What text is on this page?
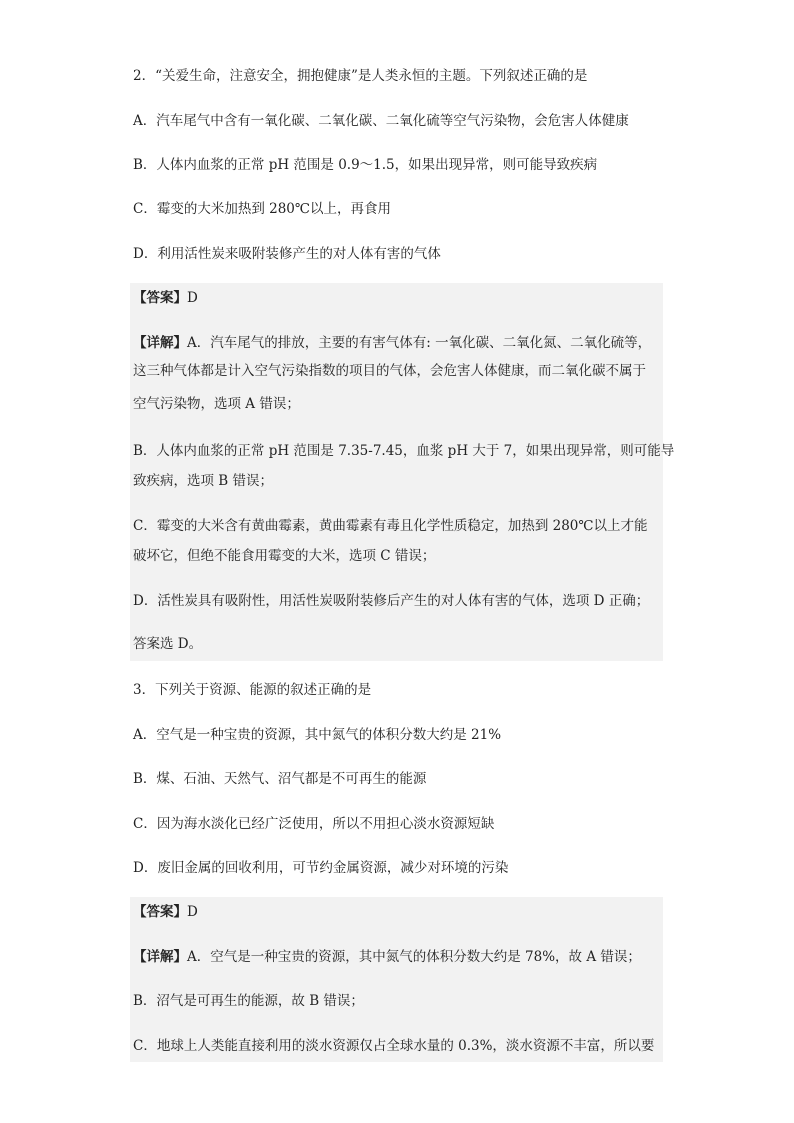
2．“关爱生命，注意安全，拥抱健康”是人类永恒的主题。下列叙述正确的是
A．汽车尾气中含有一氧化碳、二氧化碳、二氧化硫等空气污染物，会危害人体健康
B．人体内血浆的正常 pH 范围是 0.9～1.5，如果出现异常，则可能导致疾病
C．霉变的大米加热到 280℃以上，再食用
D．利用活性炭来吸附装修产生的对人体有害的气体
【答案】D
【详解】A．汽车尾气的排放，主要的有害气体有: 一氧化碳、二氧化氮、二氧化硫等，
这三种气体都是计入空气污染指数的项目的气体，会危害人体健康，而二氧化碳不属于
空气污染物，选项 A 错误；
B．人体内血浆的正常 pH 范围是 7.35-7.45，血浆 pH 大于 7，如果出现异常，则可能导
致疾病，选项 B 错误；
C．霉变的大米含有黄曲霉素，黄曲霉素有毒且化学性质稳定，加热到 280℃以上才能
破坏它，但绝不能食用霉变的大米，选项 C 错误；
D．活性炭具有吸附性，用活性炭吸附装修后产生的对人体有害的气体，选项 D 正确；
答案选 D。
3．下列关于资源、能源的叙述正确的是
A．空气是一种宝贵的资源，其中氮气的体积分数大约是 21%
B．煤、石油、天然气、沼气都是不可再生的能源
C．因为海水淡化已经广泛使用，所以不用担心淡水资源短缺
D．废旧金属的回收利用，可节约金属资源，减少对环境的污染
【答案】D
【详解】A．空气是一种宝贵的资源，其中氮气的体积分数大约是 78%，故 A 错误；
B．沼气是可再生的能源，故 B 错误；
C．地球上人类能直接利用的淡水资源仅占全球水量的 0.3%，淡水资源不丰富，所以要
